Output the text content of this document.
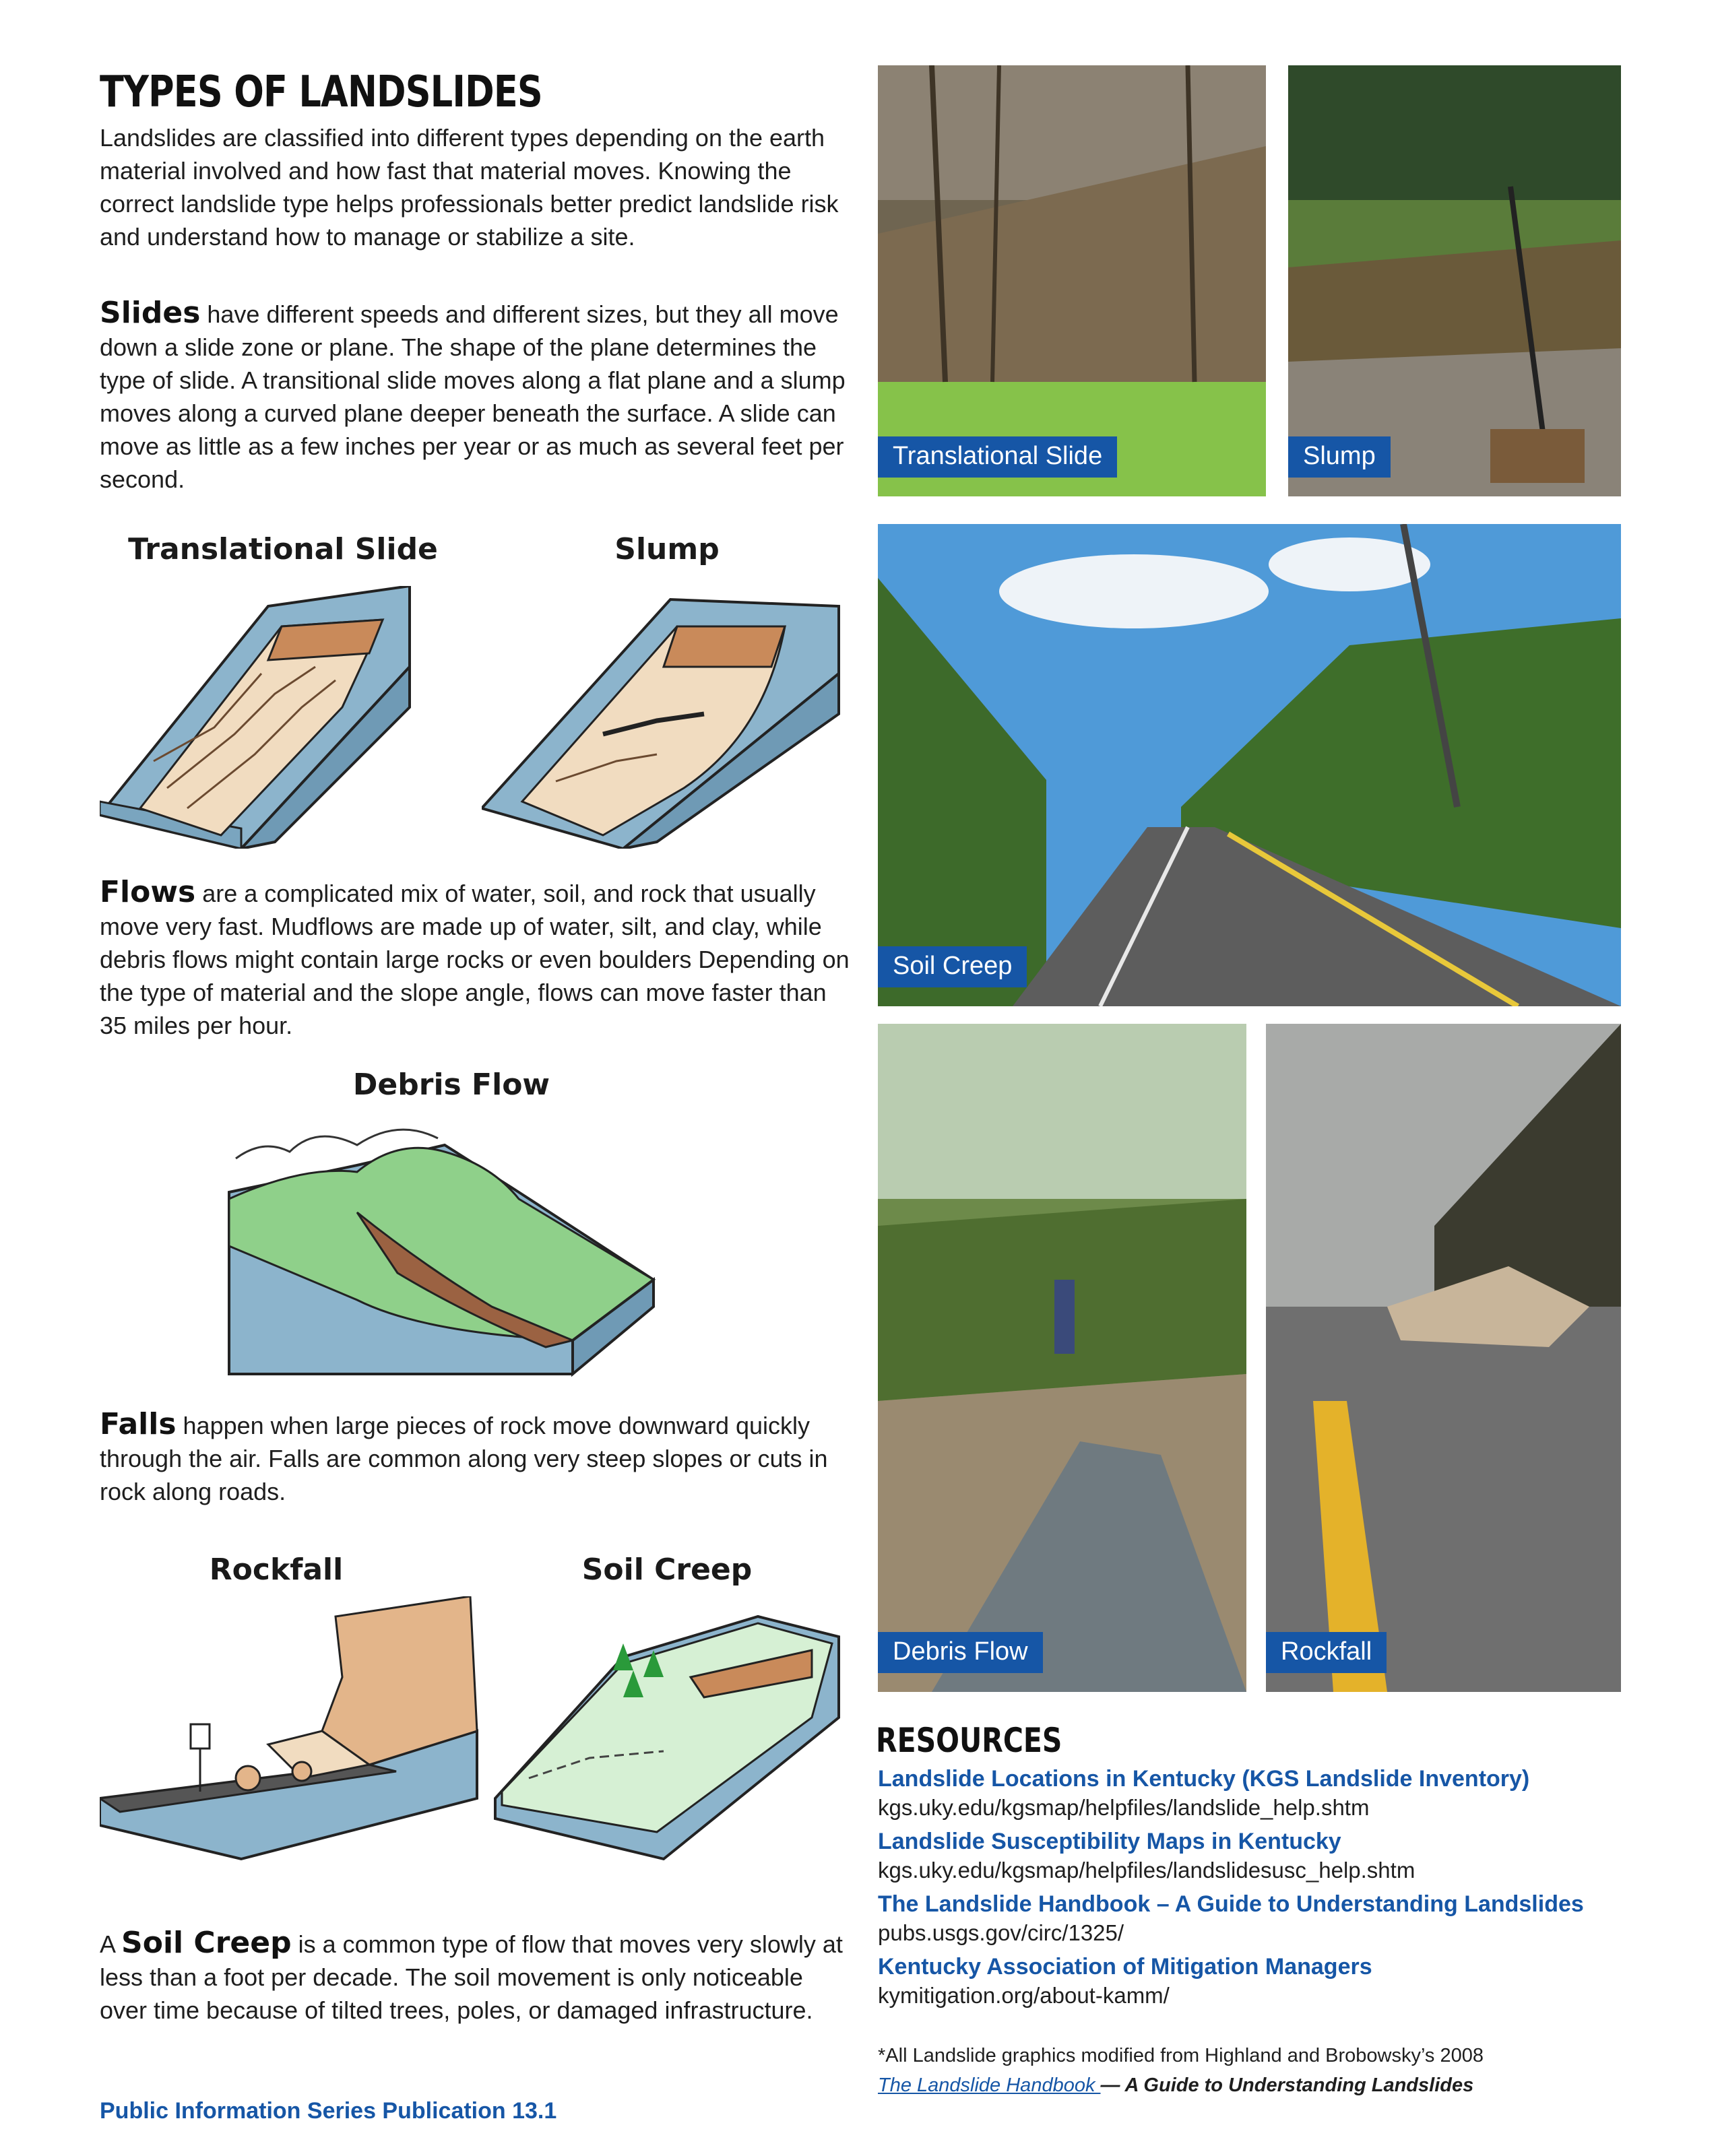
TYPES OF LANDSLIDES
Landslides are classified into different types depending on the earth material involved and how fast that material moves. Knowing the correct landslide type helps professionals better predict landslide risk and understand how to manage or stabilize a site.
Slides have different speeds and different sizes, but they all move down a slide zone or plane. The shape of the plane determines the type of slide. A transitional slide moves along a flat plane and a slump moves along a curved plane deeper beneath the surface. A slide can move as little as a few inches per year or as much as several feet per second.
Translational Slide	Slump
Flows are a complicated mix of water, soil, and rock that usually move very fast. Mudflows are made up of water, silt, and clay, while debris flows might contain large rocks or even boulders Depending on the type of material and the slope angle, flows can move faster than 35 miles per hour.
Debris Flow
Falls happen when large pieces of rock move downward quickly through the air. Falls are common along very steep slopes or cuts in rock along roads.
Rockfall	Soil Creep
A Soil Creep is a common type of flow that moves very slowly at less than a foot per decade. The soil movement is only noticeable over time because of tilted trees, poles, or damaged infrastructure.
Translational Slide	Slump
Soil Creep
Debris Flow	Rockfall
RESOURCES
Landslide Locations in Kentucky (KGS Landslide Inventory)
kgs.uky.edu/kgsmap/helpfiles/landslide_help.shtm
Landslide Susceptibility Maps in Kentucky
kgs.uky.edu/kgsmap/helpfiles/landslidesusc_help.shtm
The Landslide Handbook – A Guide to Understanding Landslides
pubs.usgs.gov/circ/1325/
Kentucky Association of Mitigation Managers
kymitigation.org/about-kamm/
*All Landslide graphics modified from Highland and Brobowsky’s 2008
The Landslide Handbook — A Guide to Understanding Landslides
Public Information Series Publication 13.1
